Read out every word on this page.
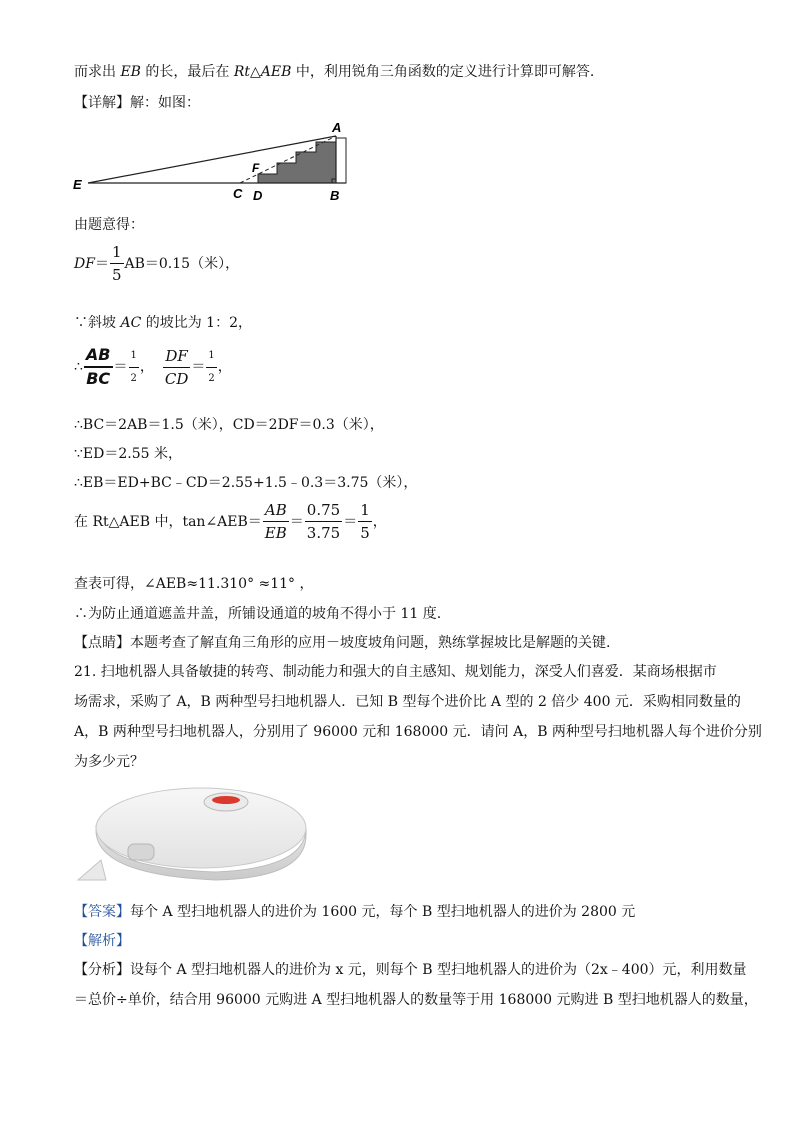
而求出 EB 的长，最后在 Rt△AEB 中，利用锐角三角函数的定义进行计算即可解答.
【详解】解：如图：
A
B
C D
E
F
由题意得：
DF ＝ $\frac{1}{5} AB=0.15$（米），
∵斜坡 AC 的坡比为 1：2，
∴ $\frac{AB}{BC} = \frac{1}{2}$ ， $\frac{DF}{CD} = \frac{1}{2}$ ，
∴BC＝2AB＝1.5（米），CD＝2DF＝0.3（米），
∵ED＝2.55 米，
∴EB＝ED+BC﹣CD＝2.55+1.5﹣0.3＝3.75（米），
在 Rt△AEB 中，tan∠AEB＝ $\frac{AB}{EB} = \frac{0.75}{3.75} = \frac{1}{5}$ ，
查表可得，∠AEB≈11.310° ≈11° ，
∴为防止通道遮盖井盖，所铺设通道的坡角不得小于 11 度.
【点睛】本题考查了解直角三角形的应用－坡度坡角问题，熟练掌握坡比是解题的关键.
21. 扫地机器人具备敏捷的转弯、制动能力和强大的自主感知、规划能力，深受人们喜爱．某商场根据市
场需求，采购了 A，B 两种型号扫地机器人．已知 B 型每个进价比 A 型的 2 倍少 400 元．采购相同数量的
A，B 两种型号扫地机器人，分别用了 96000 元和 168000 元．请问 A，B 两种型号扫地机器人每个进价分别
为多少元？
【答案】每个 A 型扫地机器人的进价为 1600 元，每个 B 型扫地机器人的进价为 2800 元
【解析】
【分析】设每个 A 型扫地机器人的进价为 x 元，则每个 B 型扫地机器人的进价为（2x﹣400）元，利用数量
＝总价÷单价，结合用 96000 元购进 A 型扫地机器人的数量等于用 168000 元购进 B 型扫地机器人的数量，
